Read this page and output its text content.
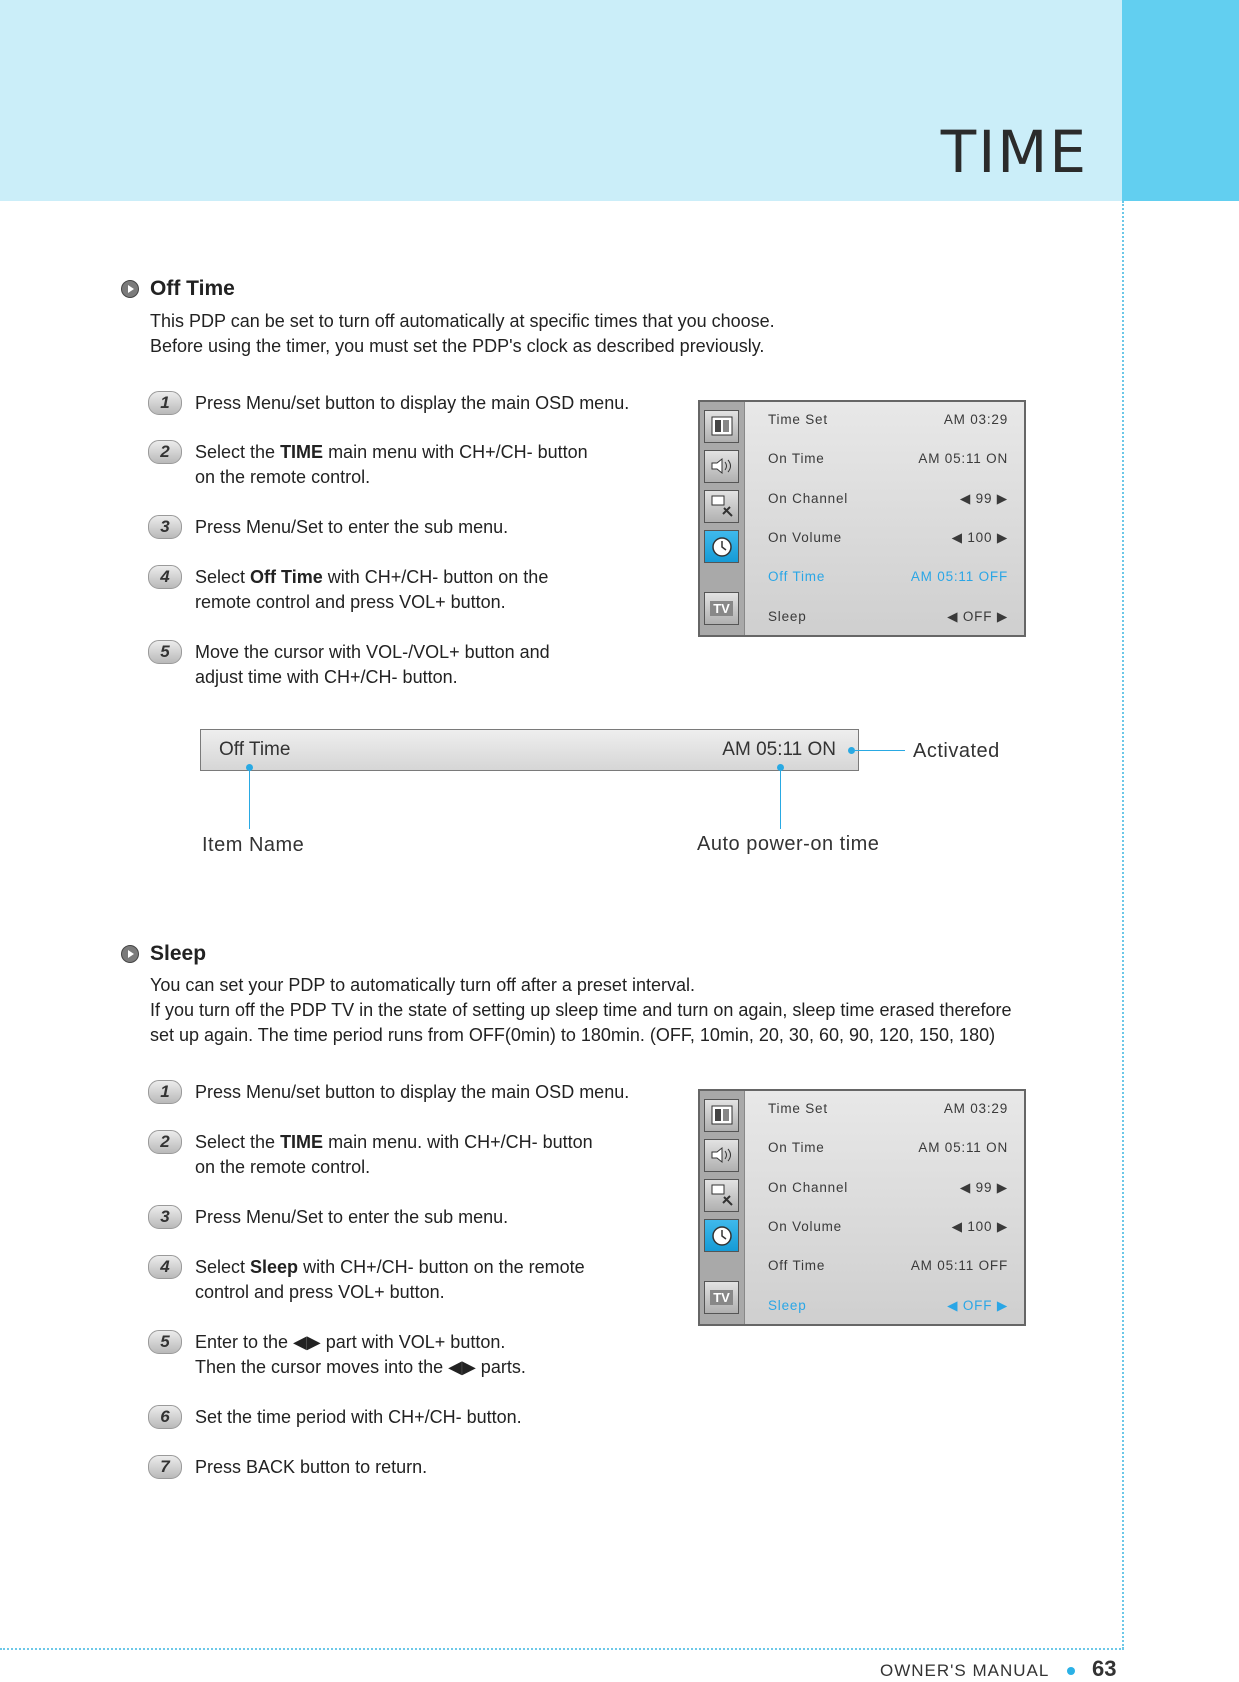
TIME
Off Time
This PDP can be set to turn off automatically at specific times that you choose.
Before using the timer, you must set the PDP's clock as described previously.
1	Press Menu/set button to display the main OSD menu.
2	Select the TIME main menu with CH+/CH- button
on the remote control.
3	Press Menu/Set to enter the sub menu.
4	Select Off Time with CH+/CH- button on the
remote control and press VOL+ button.
5	Move the cursor with VOL-/VOL+ button and
adjust time with CH+/CH- button.
TV
Time Set	AM 03:29
On Time	AM 05:11 ON
On Channel	◀ 99 ▶
On Volume	◀ 100 ▶
Off Time	AM 05:11 OFF
Sleep	◀ OFF ▶
Off Time	AM 05:11 ON	Activated
Item Name	Auto power-on time
Sleep
You can set your PDP to automatically turn off after a preset interval.
If you turn off the PDP TV in the state of setting up sleep time and turn on again, sleep time erased therefore
set up again. The time period runs from OFF(0min) to 180min. (OFF, 10min, 20, 30, 60, 90, 120, 150, 180)
1	Press Menu/set button to display the main OSD menu.
2	Select the TIME main menu. with CH+/CH- button
on the remote control.
3	Press Menu/Set to enter the sub menu.
4	Select Sleep with CH+/CH- button on the remote
control and press VOL+ button.
5	Enter to the ◀▶ part with VOL+ button.
Then the cursor moves into the ◀▶ parts.
6	Set the time period with CH+/CH- button.
7	Press BACK button to return.
TV
Time Set	AM 03:29
On Time	AM 05:11 ON
On Channel	◀ 99 ▶
On Volume	◀ 100 ▶
Off Time	AM 05:11 OFF
Sleep	◀ OFF ▶
OWNER'S MANUAL 63
